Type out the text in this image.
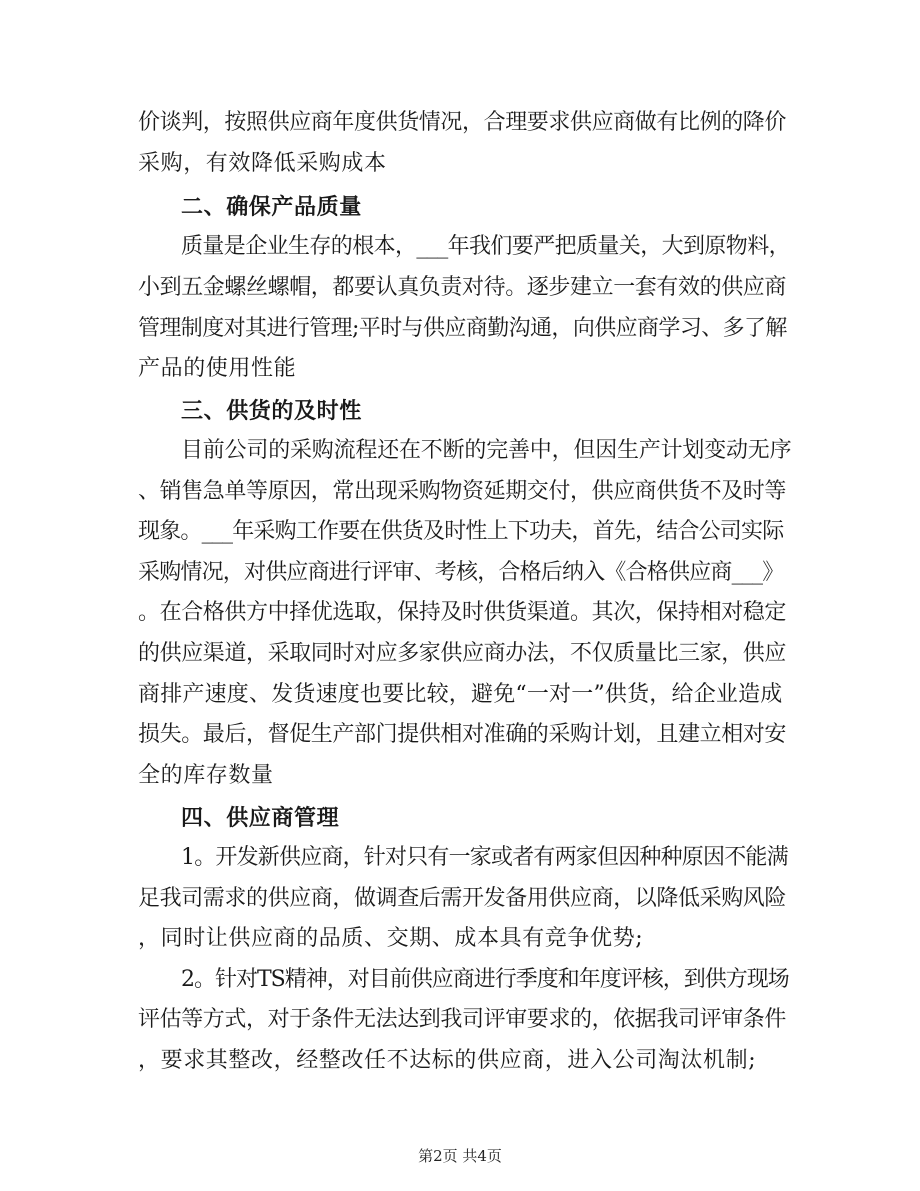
价谈判，按照供应商年度供货情况，合理要求供应商做有比例的降价
采购，有效降低采购成本
二、确保产品质量
质量是企业生存的根本，___年我们要严把质量关，大到原物料，
小到五金螺丝螺帽，都要认真负责对待。逐步建立一套有效的供应商
管理制度对其进行管理;平时与供应商勤沟通，向供应商学习、多了解
产品的使用性能
三、供货的及时性
目前公司的采购流程还在不断的完善中，但因生产计划变动无序
、销售急单等原因，常出现采购物资延期交付，供应商供货不及时等
现象。___年采购工作要在供货及时性上下功夫，首先，结合公司实际
采购情况，对供应商进行评审、考核，合格后纳入《合格供应商___》
。在合格供方中择优选取，保持及时供货渠道。其次，保持相对稳定
的供应渠道，采取同时对应多家供应商办法，不仅质量比三家，供应
商排产速度、发货速度也要比较，避免“一对一”供货，给企业造成
损失。最后，督促生产部门提供相对准确的采购计划，且建立相对安
全的库存数量
四、供应商管理
1。开发新供应商，针对只有一家或者有两家但因种种原因不能满
足我司需求的供应商，做调查后需开发备用供应商，以降低采购风险
，同时让供应商的品质、交期、成本具有竞争优势;
2。针对TS精神，对目前供应商进行季度和年度评核，到供方现场
评估等方式，对于条件无法达到我司评审要求的，依据我司评审条件
，要求其整改，经整改任不达标的供应商，进入公司淘汰机制;
第2页 共4页
